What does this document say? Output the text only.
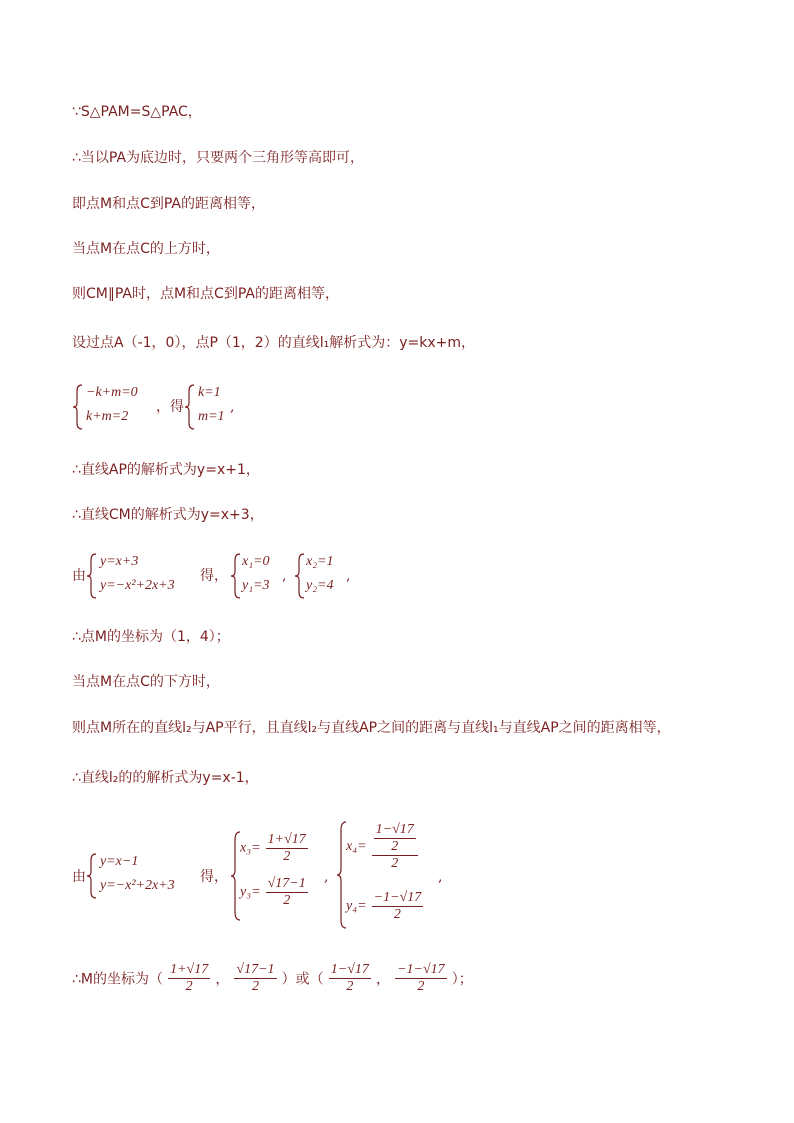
∵S△PAM=S△PAC，
∴当以PA为底边时，只要两个三角形等高即可，
即点M和点C到PA的距离相等，
当点M在点C的上方时，
则CM∥PA时，点M和点C到PA的距离相等，
设过点A（-1，0），点P（1，2）的直线l₁解析式为：y=kx+m，
−k+m=0
k+m=2
，得
k=1
m=1
,
∴直线AP的解析式为y=x+1，
∴直线CM的解析式为y=x+3，
由
y=x+3
y=−x²+2x+3
得，
x₁=0
y₁=3
,
x₂=1
y₂=4
,
∴点M的坐标为（1，4）；
当点M在点C的下方时，
则点M所在的直线l₂与AP平行，且直线l₂与直线AP之间的距离与直线l₁与直线AP之间的距离相等，
∴直线l₂的的解析式为y=x-1，
由
y=x−1
y=−x²+2x+3
得，
$x_3= \frac{1+√17}{2}$
$y_3= \frac{√17-1}{2}$ ,
$x_4= \frac{\frac{1-√17}{2}}{2}$
$y_4= \frac{-1-√17}{2}$
,
∴M的坐标为（ $\frac{1+√17}{2}$ ， $\frac{√17-1}{2}$ ）或（ $\frac{1-√17}{2}$ ， $\frac{-1-√17}{2}$ ）；
